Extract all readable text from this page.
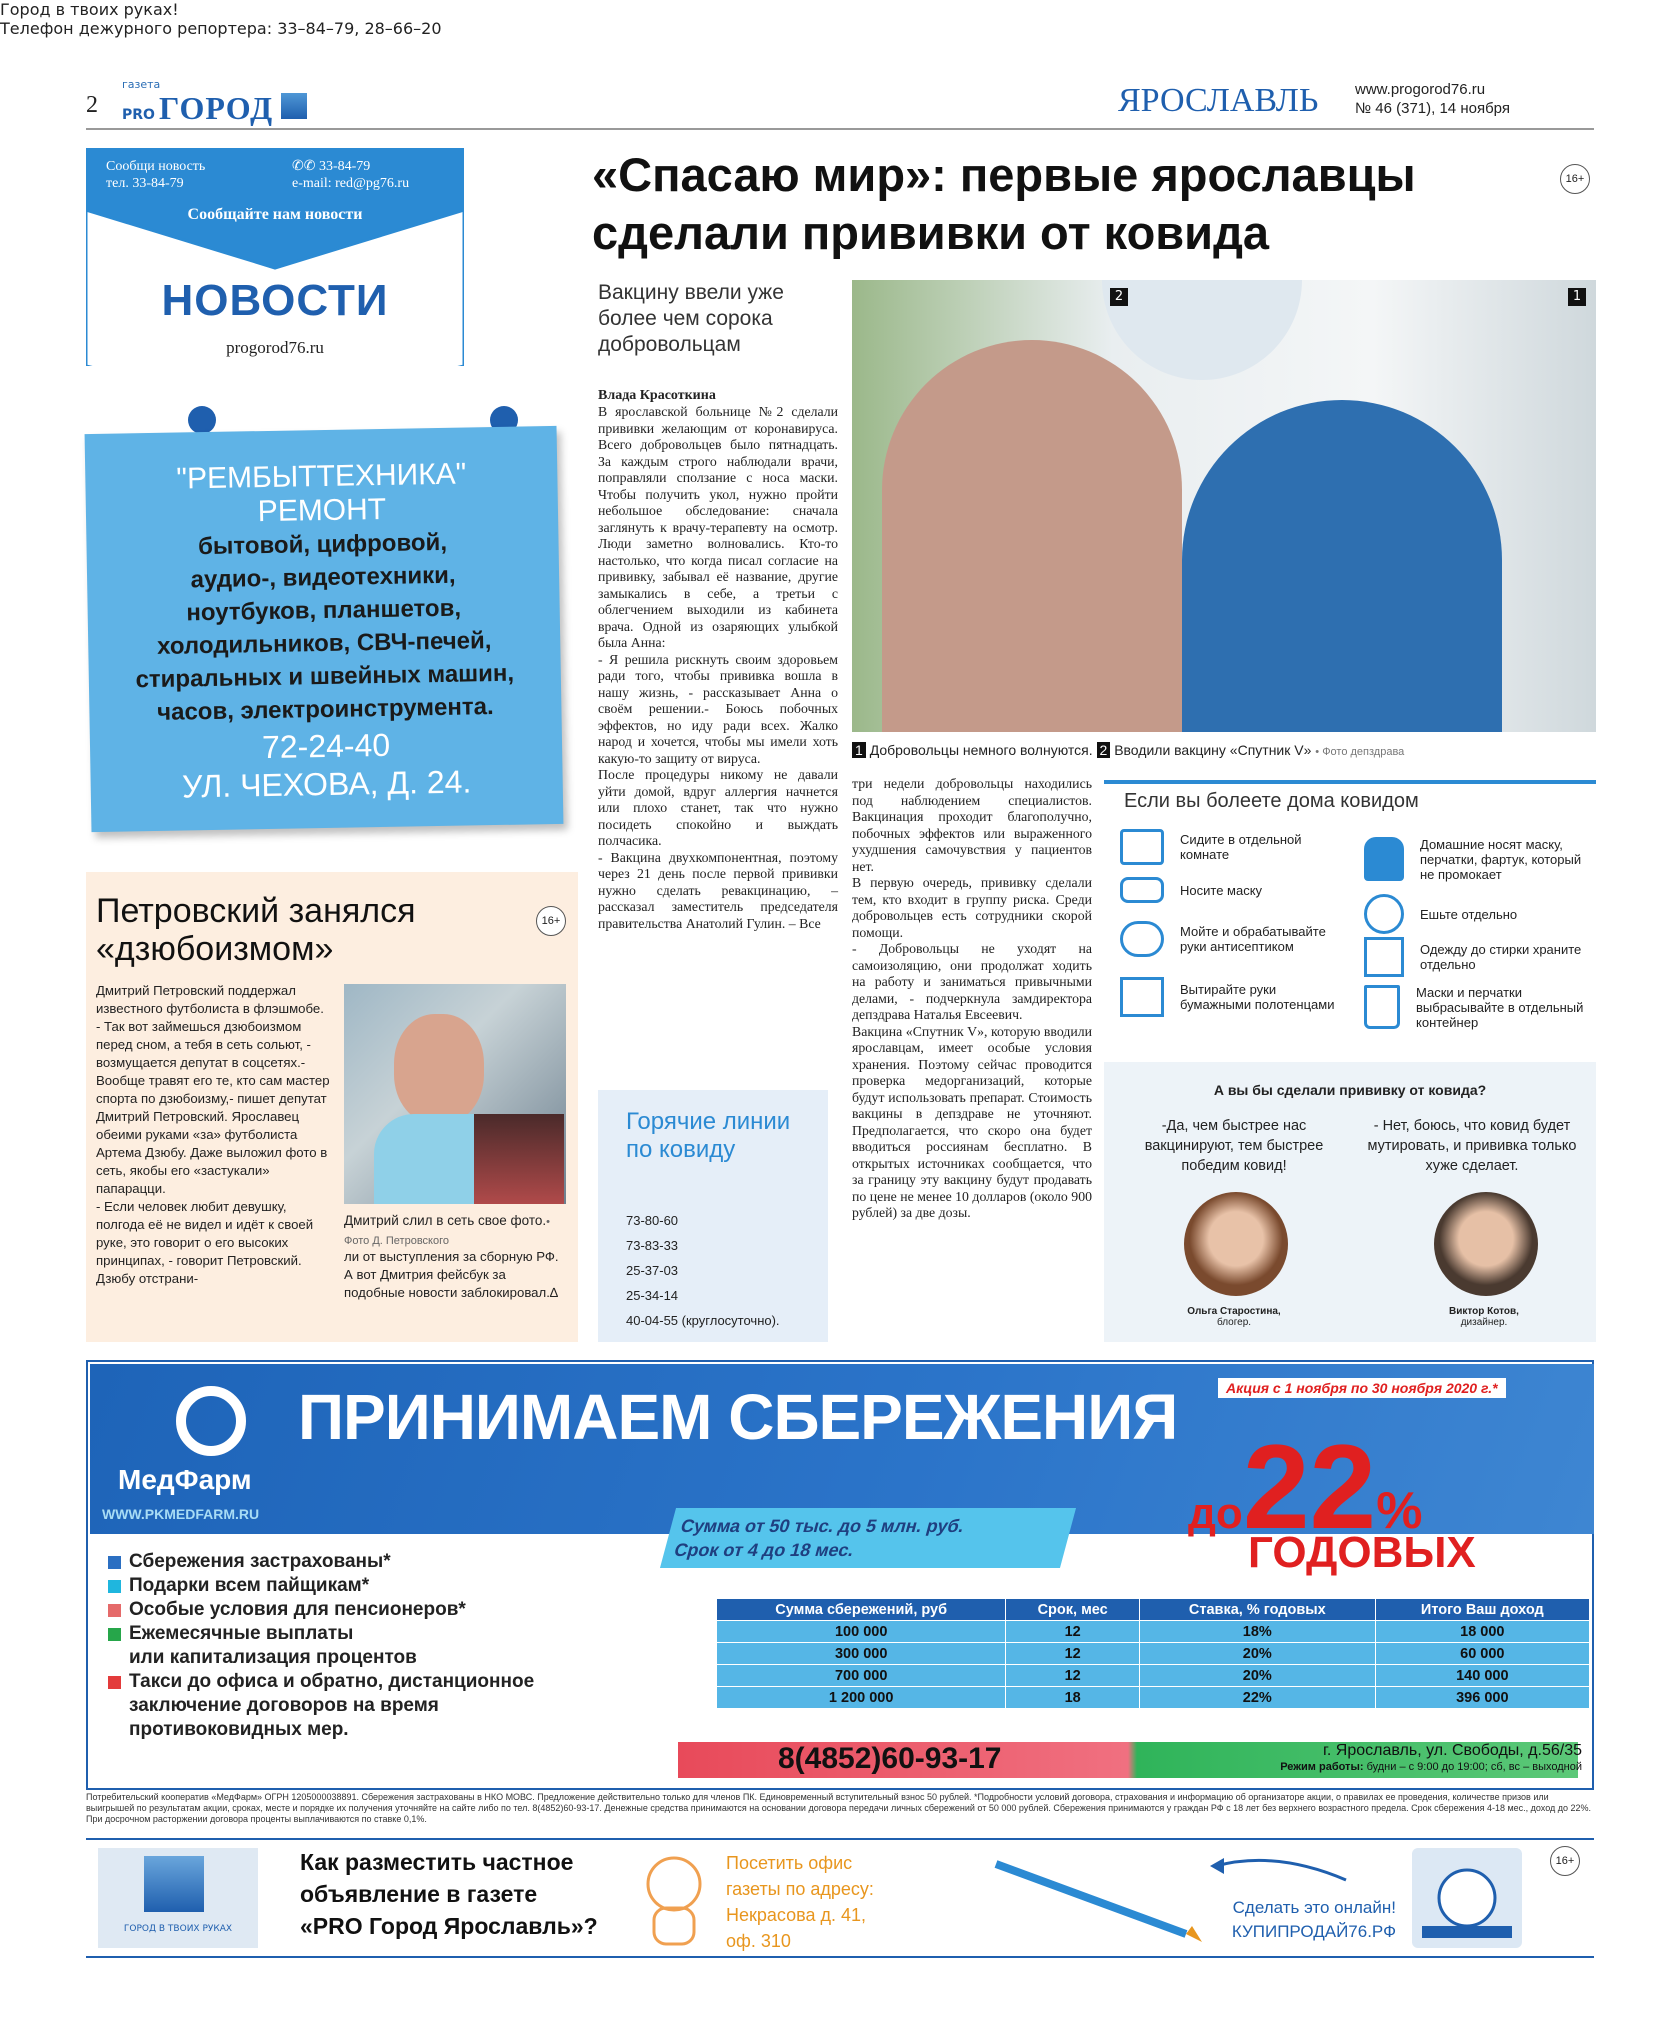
2
газета
PRO ГОРОД
Город в твоих руках!
Телефон дежурного репортера: 33–84–79, 28–66–20
ЯРОСЛАВЛЬ www.progorod76.ru
№ 46 (371), 14 ноября
Сообщи новость
тел. 33-84-79
✆✆ 33-84-79
e-mail: red@pg76.ru
Сообщайте нам новости
НОВОСТИ
progorod76.ru
"РЕМБЫТТЕХНИКА"
РЕМОНТ
бытовой, цифровой,
аудио-, видеотехники,
ноутбуков, планшетов,
холодильников, СВЧ-печей,
стиральных и швейных машин,
часов, электроинструмента.
72-24-40
УЛ. ЧЕХОВА, Д. 24.
Петровский занялся
«дзюбоизмом»
16+
Дмитрий Петровский поддержал известного футболиста в флэшмобе.
- Так вот займешься дзюбоизмом перед сном, а тебя в сеть сольют, - возмущается депутат в соцсетях.- Вообще травят его те, кто сам мастер спорта по дзюбоизму,- пишет депутат Дмитрий Петровский. Ярославец обеими руками «за» футболиста Артема Дзюбу. Даже выложил фото в сеть, якобы его «застукали» папарацци.
- Если человек любит девушку, полгода её не видел и идёт к своей руке, это говорит о его высоких принципах, - говорит Петровский. Дзюбу отстрани-
Дмитрий слил в сеть свое фото.• Фото Д. Петровского
ли от выступления за сборную РФ. А вот Дмитрия фейсбук за подобные новости заблокировал.∆
«Спасаю мир»: первые ярославцы
сделали прививки от ковида
16+
Вакцину ввели уже более чем сорока добровольцам
Влада Красоткина
В ярославской больнице №2 сделали прививки желающим от коронавируса. Всего добровольцев было пятнадцать. За каждым строго наблюдали врачи, поправляли сползание с носа маски. Чтобы получить укол, нужно пройти небольшое обследование: сначала заглянуть к врачу-терапевту на осмотр. Люди заметно волновались. Кто-то настолько, что когда писал согласие на прививку, забывал её название, другие замыкались в себе, а третьи с облегчением выходили из кабинета врача. Одной из озаряющих улыбкой была Анна:
- Я решила рискнуть своим здоровьем ради того, чтобы прививка вошла в нашу жизнь, - рассказывает Анна о своём решении.- Боюсь побочных эффектов, но иду ради всех. Жалко народ и хочется, чтобы мы имели хоть какую-то защиту от вируса.
После процедуры никому не давали уйти домой, вдруг аллергия начнется или плохо станет, так что нужно посидеть спокойно и выждать полчасика.
- Вакцина двухкомпонентная, поэтому через 21 день после первой прививки нужно сделать ревакцинацию, – рассказал заместитель председателя правительства Анатолий Гулин. – Все
2	1
1 Добровольцы немного волнуются. 2 Вводили вакцину «Спутник V» • Фото депздрава
три недели добровольцы находились под наблюдением специалистов. Вакцинация проходит благополучно, побочных эффектов или выраженного ухудшения самочувствия у пациентов нет.
В первую очередь, прививку сделали тем, кто входит в группу риска. Среди добровольцев есть сотрудники скорой помощи.
- Добровольцы не уходят на самоизоляцию, они продолжат ходить на работу и заниматься привычными делами, - подчеркнула замдиректора депздрава Наталья Евсеевич.
Вакцина «Спутник V», которую вводили ярославцам, имеет особые условия хранения. Поэтому сейчас проводится проверка медорганизаций, которые будут использовать препарат. Стоимость вакцины в депздраве не уточняют. Предполагается, что скоро она будет вводиться россиянам бесплатно. В открытых источниках сообщается, что за границу эту вакцину будут продавать по цене не менее 10 долларов (около 900 рублей) за две дозы.
Горячие линии по ковиду
73-80-60
73-83-33
25-37-03
25-34-14
40-04-55 (круглосуточно).
Если вы болеете дома ковидом
Сидите в отдельной комнате
Носите маску
Мойте и обрабатывайте руки антисептиком
Вытирайте руки бумажными полотенцами
Домашние носят маску, перчатки, фартук, который не промокает
Ешьте отдельно
Одежду до стирки храните отдельно
Маски и перчатки выбрасывайте в отдельный контейнер
А вы бы сделали прививку от ковида?
-Да, чем быстрее нас вакцинируют, тем быстрее победим ковид!
- Нет, боюсь, что ковид будет мутировать, и прививка только хуже сделает.
Ольга Старостина,
блогер.
Виктор Котов,
дизайнер.
МедФарм
WWW.PKMEDFARM.RU
ПРИНИМАЕМ СБЕРЕЖЕНИЯ	Акция с 1 ноября по 30 ноября 2020 г.*
Сумма от 50 тыс. до 5 млн. руб.
Срок от 4 до 18 мес.
до22%
ГОДОВЫХ
Сбережения застрахованы*
Подарки всем пайщикам*
Особые условия для пенсионеров*
Ежемесячные выплаты
или капитализация процентов
Такси до офиса и обратно, дистанционное заключение договоров на время противоковидных мер.
Сумма сбережений, руб	Срок, мес	Ставка, % годовых	Итого Ваш доход
100 000	12	18%	18 000
300 000	12	20%	60 000
700 000	12	20%	140 000
1 200 000	18	22%	396 000
8(4852)60-93-17	г. Ярославль, ул. Свободы, д.56/35
Режим работы: будни – с 9:00 до 19:00; сб, вс – выходной
Потребительский кооператив «МедФарм» ОГРН 1205000038891. Сбережения застрахованы в НКО МОВС. Предложение действительно только для членов ПК. Единовременный вступительный взнос 50 рублей. *Подробности условий договора, страхования и информацию об организаторе акции, о правилах ее проведения, количестве призов или выигрышей по результатам акции, сроках, месте и порядке их получения уточняйте на сайте либо по тел. 8(4852)60-93-17. Денежные средства принимаются на основании договора передачи личных сбережений от 50 000 рублей. Сбережения принимаются у граждан РФ с 18 лет без верхнего возрастного предела. Срок сбережения 4-18 мес., доход до 22%. При досрочном расторжении договора проценты выплачиваются по ставке 0,1%.
ГОРОД В ТВОИХ РУКАХ
Как разместить частное
объявление в газете
«PRO Город Ярославль»?
Посетить офис
газеты по адресу:
Некрасова д. 41,
оф. 310
Сделать это онлайн!
КУПИПРОДАЙ76.РФ
16+
